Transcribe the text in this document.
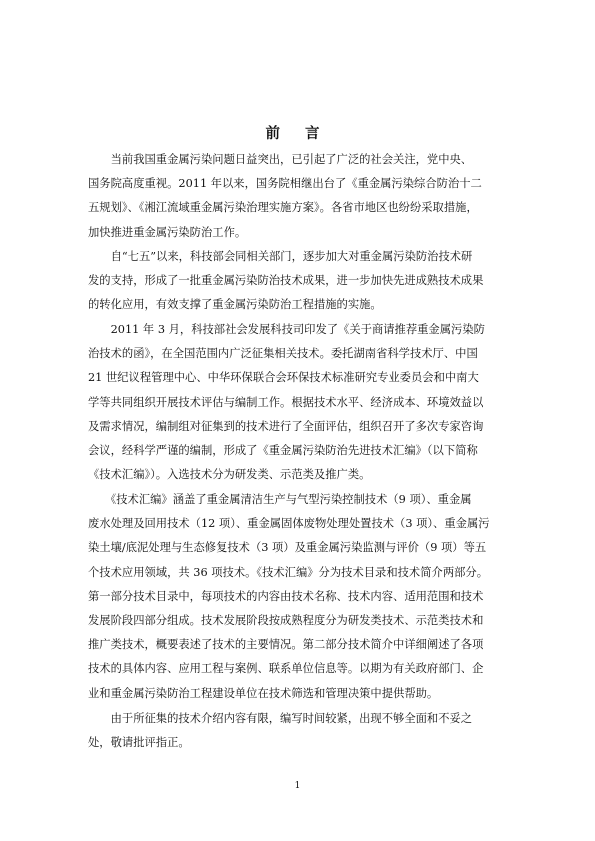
前 言

　　当前我国重金属污染问题日益突出，已引起了广泛的社会关注，党中央、
国务院高度重视。2011 年以来，国务院相继出台了《重金属污染综合防治十二
五规划》、《湘江流域重金属污染治理实施方案》。各省市地区也纷纷采取措施，
加快推进重金属污染防治工作。

　　自“七五”以来，科技部会同相关部门，逐步加大对重金属污染防治技术研
发的支持，形成了一批重金属污染防治技术成果，进一步加快先进成熟技术成果
的转化应用，有效支撑了重金属污染防治工程措施的实施。

　　2011 年 3 月，科技部社会发展科技司印发了《关于商请推荐重金属污染防
治技术的函》，在全国范围内广泛征集相关技术。委托湖南省科学技术厅、中国
21 世纪议程管理中心、中华环保联合会环保技术标准研究专业委员会和中南大
学等共同组织开展技术评估与编制工作。根据技术水平、经济成本、环境效益以
及需求情况，编制组对征集到的技术进行了全面评估，组织召开了多次专家咨询
会议，经科学严谨的编制，形成了《重金属污染防治先进技术汇编》（以下简称
《技术汇编》）。入选技术分为研发类、示范类及推广类。

　　《技术汇编》涵盖了重金属清洁生产与气型污染控制技术（9 项）、重金属
废水处理及回用技术（12 项）、重金属固体废物处理处置技术（3 项）、重金属污
染土壤/底泥处理与生态修复技术（3 项）及重金属污染监测与评价（9 项）等五
个技术应用领域，共 36 项技术。《技术汇编》分为技术目录和技术简介两部分。
第一部分技术目录中，每项技术的内容由技术名称、技术内容、适用范围和技术
发展阶段四部分组成。技术发展阶段按成熟程度分为研发类技术、示范类技术和
推广类技术，概要表述了技术的主要情况。第二部分技术简介中详细阐述了各项
技术的具体内容、应用工程与案例、联系单位信息等。以期为有关政府部门、企
业和重金属污染防治工程建设单位在技术筛选和管理决策中提供帮助。

　　由于所征集的技术介绍内容有限，编写时间较紧，出现不够全面和不妥之
处，敬请批评指正。

1
